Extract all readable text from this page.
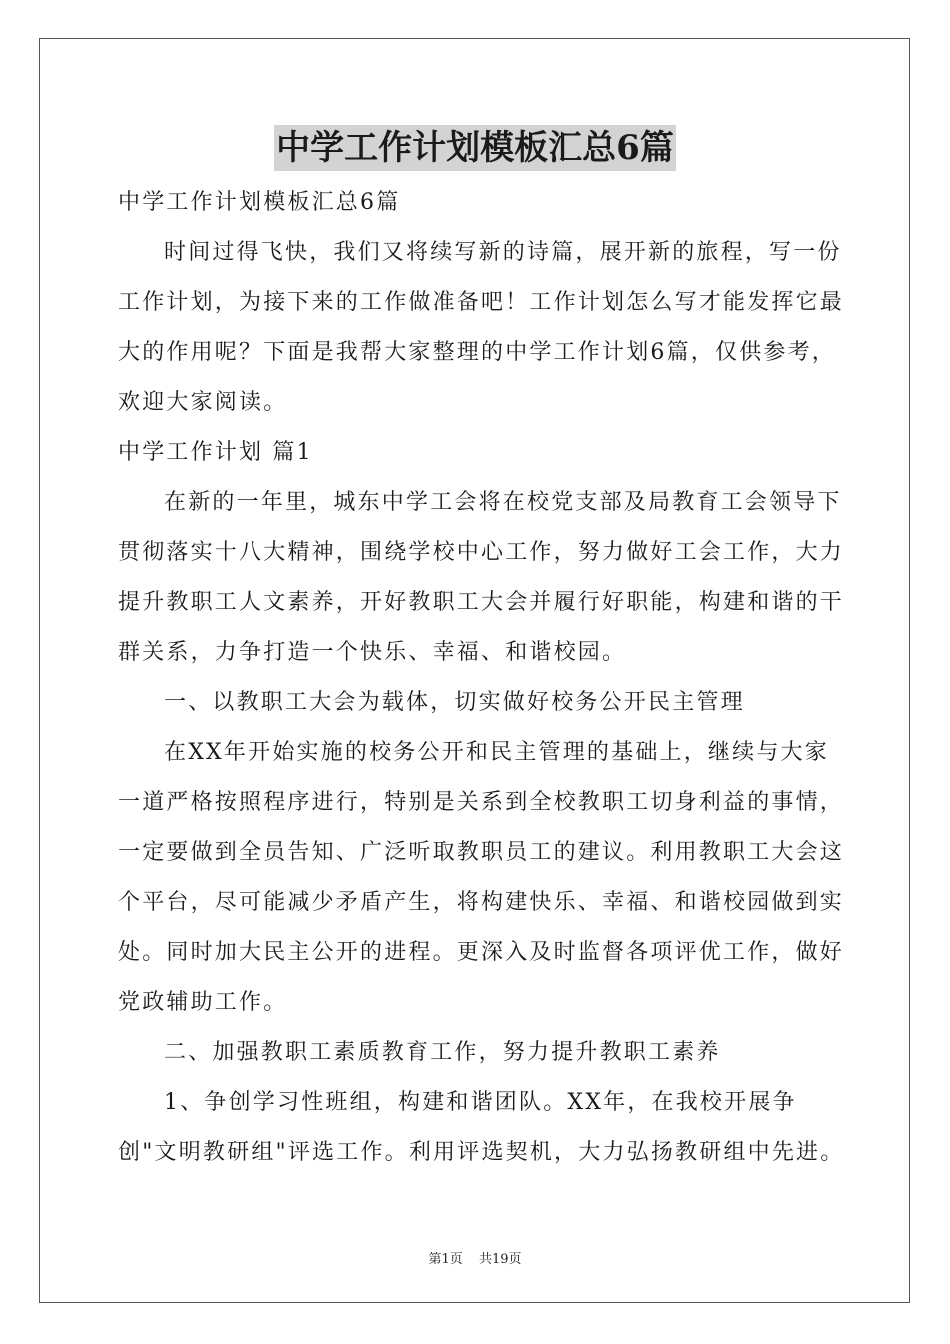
中学工作计划模板汇总6篇
中学工作计划模板汇总6篇
时间过得飞快，我们又将续写新的诗篇，展开新的旅程，写一份
工作计划，为接下来的工作做准备吧！工作计划怎么写才能发挥它最
大的作用呢？下面是我帮大家整理的中学工作计划6篇，仅供参考，
欢迎大家阅读。
中学工作计划 篇1
在新的一年里，城东中学工会将在校党支部及局教育工会领导下
贯彻落实十八大精神，围绕学校中心工作，努力做好工会工作，大力
提升教职工人文素养，开好教职工大会并履行好职能，构建和谐的干
群关系，力争打造一个快乐、幸福、和谐校园。
一、以教职工大会为载体，切实做好校务公开民主管理
在XX年开始实施的校务公开和民主管理的基础上，继续与大家
一道严格按照程序进行，特别是关系到全校教职工切身利益的事情，
一定要做到全员告知、广泛听取教职员工的建议。利用教职工大会这
个平台，尽可能减少矛盾产生，将构建快乐、幸福、和谐校园做到实
处。同时加大民主公开的进程。更深入及时监督各项评优工作，做好
党政辅助工作。
二、加强教职工素质教育工作，努力提升教职工素养
1、争创学习性班组，构建和谐团队。XX年，在我校开展争
创"文明教研组"评选工作。利用评选契机，大力弘扬教研组中先进。
第1页 共19页
